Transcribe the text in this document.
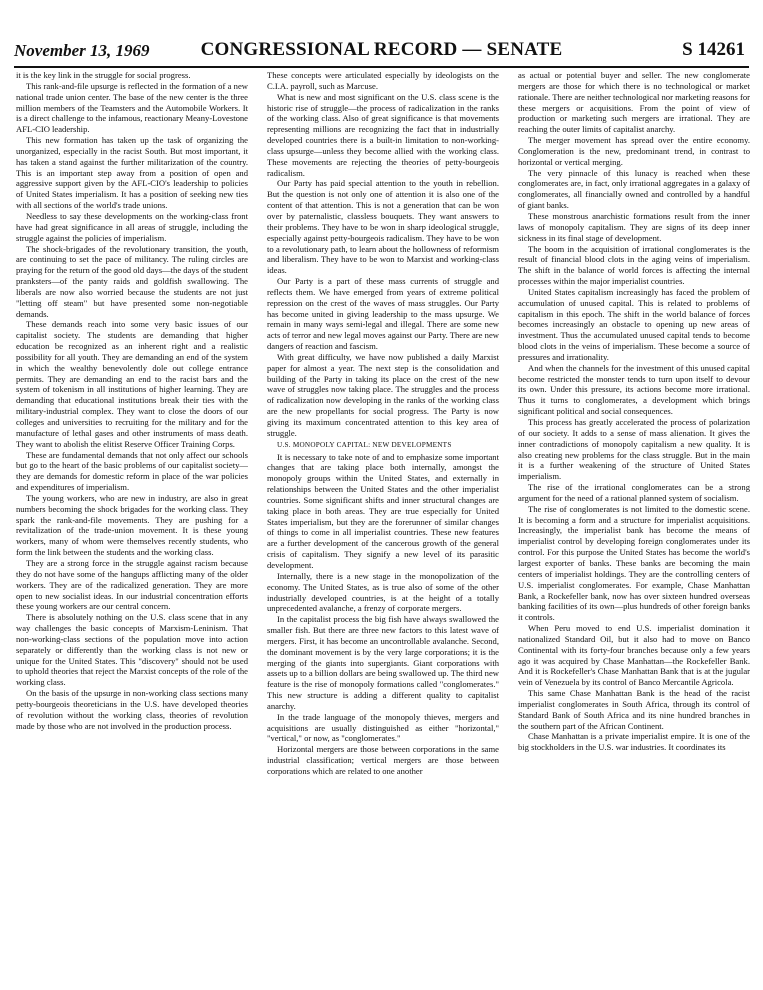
CONGRESSIONAL RECORD — SENATE
November 13, 1969	S 14261

it is the key link in the struggle for social progress.

This rank-and-file upsurge is reflected in the formation of a new national trade union center. The base of the new center is the three million members of the Teamsters and the Automobile Workers. It is a direct challenge to the infamous, reactionary Meany-Lovestone AFL-CIO leadership.

This new formation has taken up the task of organizing the unorganized, especially in the racist South. But most important, it has taken a stand against the further militarization of the country. This is an important step away from a position of open and aggressive support given by the AFL-CIO's leadership to policies of United States imperialism. It has a position of seeking new ties with all sections of the world's trade unions.

Needless to say these developments on the working-class front have had great significance in all areas of struggle, including the struggle against the policies of imperialism.

The shock-brigades of the revolutionary transition, the youth, are continuing to set the pace of militancy. The ruling circles are praying for the return of the good old days—the days of the student pranksters—of the panty raids and goldfish swallowing. The liberals are now also worried because the students are not just "letting off steam" but have presented some non-negotiable demands.

These demands reach into some very basic issues of our capitalist society. The students are demanding that higher education be recognized as an inherent right and a realistic possibility for all youth. They are demanding an end of the system in which the wealthy benevolently dole out college entrance permits. They are demanding an end to the racist bars and the system of tokenism in all institutions of higher learning. They are demanding that educational institutions break their ties with the military-industrial complex. They want to close the doors of our colleges and universities to recruiting for the military and for the manufacture of lethal gases and other instruments of mass death. They want to abolish the elitist Reserve Officer Training Corps.

These are fundamental demands that not only affect our schools but go to the heart of the basic problems of our capitalist society—they are demands for domestic reform in place of the war policies and expenditures of imperialism.

The young workers, who are new in industry, are also in great numbers becoming the shock brigades for the working class. They spark the rank-and-file movements. They are pushing for a revitalization of the trade-union movement. It is these young workers, many of whom were themselves recently students, who form the link between the students and the working class.

They are a strong force in the struggle against racism because they do not have some of the hangups afflicting many of the older workers. They are of the radicalized generation. They are more open to new socialist ideas. In our industrial concentration efforts these young workers are our central concern.

There is absolutely nothing on the U.S. class scene that in any way challenges the basic concepts of Marxism-Leninism. That non-working-class sections of the population move into action separately or differently than the working class is not new or unique for the United States. This "discovery" should not be used to uphold theories that reject the Marxist concepts of the role of the working class.

On the basis of the upsurge in non-working class sections many petty-bourgeois theoreticians in the U.S. have developed theories of revolution without the working class, theories of revolution made by those who are not involved in the production process.

These concepts were articulated especially by ideologists on the C.I.A. payroll, such as Marcuse.

What is new and most significant on the U.S. class scene is the historic rise of struggle—the process of radicalization in the ranks of the working class. Also of great significance is that movements representing millions are recognizing the fact that in industrially developed countries there is a built-in limitation to non-working-class upsurge—unless they become allied with the working class. These movements are rejecting the theories of petty-bourgeois radicalism.

Our Party has paid special attention to the youth in rebellion. But the question is not only one of attention it is also one of the content of that attention. This is not a generation that can be won over by paternalistic, classless bouquets. They want answers to their problems. They have to be won in sharp ideological struggle, especially against petty-bourgeois radicalism. They have to be won to a revolutionary path, to learn about the hollowness of reformism and liberalism. They have to be won to Marxist and working-class ideas.

Our Party is a part of these mass currents of struggle and reflects them. We have emerged from years of extreme political repression on the crest of the waves of mass struggles. Our Party has become united in giving leadership to the mass upsurge. We remain in many ways semi-legal and illegal. There are some new acts of terror and new legal moves against our Party. There are new dangers of reaction and fascism.

With great difficulty, we have now published a daily Marxist paper for almost a year. The next step is the consolidation and building of the Party in taking its place on the crest of the new wave of struggles now taking place. The struggles and the process of radicalization now developing in the ranks of the working class are the new propellants for social progress. The Party is now giving its maximum concentrated attention to this key area of struggle.

U.S. MONOPOLY CAPITAL: NEW DEVELOPMENTS

It is necessary to take note of and to emphasize some important changes that are taking place both internally, amongst the monopoly groups within the United States, and externally in relationships between the United States and the other imperialist countries. Some significant shifts and inner structural changes are taking place in both areas. They are true especially for United States imperialism, but they are the forerunner of similar changes of things to come in all imperialist countries. These new features are a further development of the cancerous growth of the general crisis of capitalism. They signify a new level of its parasitic development.

Internally, there is a new stage in the monopolization of the economy. The United States, as is true also of some of the other industrially developed countries, is at the height of a totally unprecedented avalanche, a frenzy of corporate mergers.

In the capitalist process the big fish have always swallowed the smaller fish. But there are three new factors to this latest wave of mergers. First, it has become an uncontrollable avalanche. Second, the dominant movement is by the very large corporations; it is the merging of the giants into supergiants. Giant corporations with assets up to a billion dollars are being swallowed up. The third new feature is the rise of monopoly formations called "conglomerates." This new structure is adding a different quality to capitalist anarchy.

In the trade language of the monopoly thieves, mergers and acquisitions are usually distinguished as either "horizontal," "vertical," or now, as "conglomerates."

Horizontal mergers are those between corporations in the same industrial classification; vertical mergers are those between corporations which are related to one another

as actual or potential buyer and seller. The new conglomerate mergers are those for which there is no technological or market rationale. There are neither technological nor marketing reasons for these mergers or acquisitions. From the point of view of production or marketing such mergers are irrational. They are reaching the outer limits of capitalist anarchy.

The merger movement has spread over the entire economy. Conglomeration is the new, predominant trend, in contrast to horizontal or vertical merging.

The very pinnacle of this lunacy is reached when these conglomerates are, in fact, only irrational aggregates in a galaxy of conglomerates, all financially owned and controlled by a handful of giant banks.

These monstrous anarchistic formations result from the inner laws of monopoly capitalism. They are signs of its deep inner sickness in its final stage of development.

The boom in the acquisition of irrational conglomerates is the result of financial blood clots in the aging veins of imperialism. The shift in the balance of world forces is affecting the internal processes within the major imperialist countries.

United States capitalism increasingly has faced the problem of accumulation of unused capital. This is related to problems of capitalism in this epoch. The shift in the world balance of forces becomes increasingly an obstacle to opening up new areas of investment. Thus the accumulated unused capital tends to become blood clots in the veins of imperialism. These become a source of pressures and irrationality.

And when the channels for the investment of this unused capital become restricted the monster tends to turn upon itself to devour its own. Under this pressure, its actions become more irrational. Thus it turns to conglomerates, a development which brings significant political and social consequences.

This process has greatly accelerated the process of polarization of our society. It adds to a sense of mass alienation. It gives the inner contradictions of monopoly capitalism a new quality. It is also creating new problems for the class struggle. But in the main it is a further weakening of the structure of United States imperialism.

The rise of the irrational conglomerates can be a strong argument for the need of a rational planned system of socialism.

The rise of conglomerates is not limited to the domestic scene. It is becoming a form and a structure for imperialist acquisitions. Increasingly, the imperialist bank has become the means of imperialist control by developing foreign conglomerates under its control. For this purpose the United States has become the world's largest exporter of banks. These banks are becoming the main centers of imperialist holdings. They are the controlling centers of U.S. imperialist conglomerates. For example, Chase Manhattan Bank, a Rockefeller bank, now has over sixteen hundred overseas banking facilities of its own—plus hundreds of other foreign banks it controls.

When Peru moved to end U.S. imperialist domination it nationalized Standard Oil, but it also had to move on Banco Continental with its forty-four branches because only a few years ago it was acquired by Chase Manhattan—the Rockefeller Bank. And it is Rockefeller's Chase Manhattan Bank that is at the jugular vein of Venezuela by its control of Banco Mercantile Agricola.

This same Chase Manhattan Bank is the head of the racist imperialist conglomerates in South Africa, through its control of Standard Bank of South Africa and its nine hundred branches in the southern part of the African Continent.

Chase Manhattan is a private imperialist empire. It is one of the big stockholders in the U.S. war industries. It coordinates its
